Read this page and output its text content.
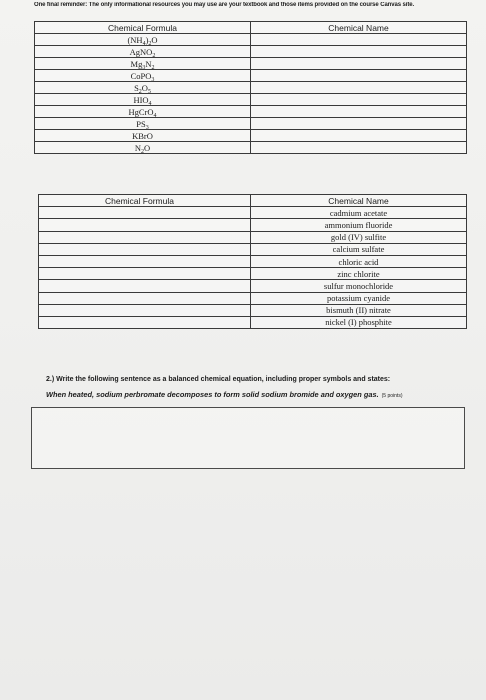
One final reminder: The only informational resources you may use are your textbook and those items provided on the course Canvas site.
Chemical Formula	Chemical Name
$(NH_4)_2O$	
AgNO$_2$	
$Mg_3N_2$	
CoPO$_3$	
$S_2O_5$	
$HIO_4$	
HgCrO$_4$	
$PS_3$	
KBrO	
$N_2O$	
Chemical Formula	Chemical Name
	cadmium acetate
	ammonium fluoride
	gold (IV) sulfite
	calcium sulfate
	chloric acid
	zinc chlorite
	sulfur monochloride
	potassium cyanide
	bismuth (II) nitrate
	nickel (I) phosphite
2.) Write the following sentence as a balanced chemical equation, including proper symbols and states:
When heated, sodium perbromate decomposes to form solid sodium bromide and oxygen gas. (5 points)
